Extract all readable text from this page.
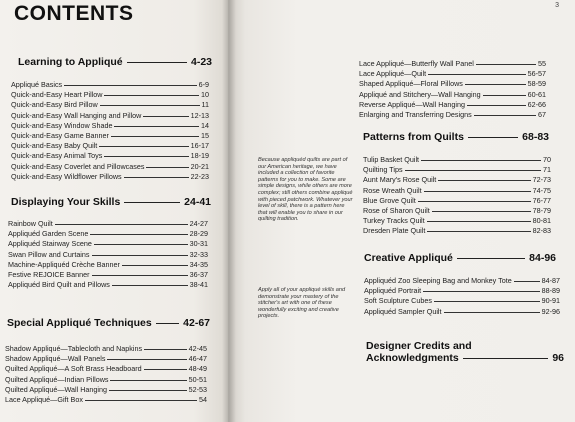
CONTENTS
Learning to Appliqué	4-23
Appliqué Basics	6-9
Quick-and-Easy Heart Pillow	10
Quick-and-Easy Bird Pillow	11
Quick-and-Easy Wall Hanging and Pillow	12-13
Quick-and-Easy Window Shade	14
Quick-and-Easy Game Banner	15
Quick-and-Easy Baby Quilt	16-17
Quick-and-Easy Animal Toys	18-19
Quick-and-Easy Coverlet and Pillowcases	20-21
Quick-and-Easy Wildflower Pillows	22-23
Displaying Your Skills	24-41
Rainbow Quilt	24-27
Appliquéd Garden Scene	28-29
Appliquéd Stairway Scene	30-31
Swan Pillow and Curtains	32-33
Machine-Appliquéd Crèche Banner	34-35
Festive REJOICE Banner	36-37
Appliquéd Bird Quilt and Pillows	38-41
Special Appliqué Techniques	42-67
Shadow Appliqué—Tablecloth and Napkins	42-45
Shadow Appliqué—Wall Panels	46-47
Quilted Appliqué—A Soft Brass Headboard	48-49
Quilted Appliqué—Indian Pillows	50-51
Quilted Appliqué—Wall Hanging	52-53
Lace Appliqué—Gift Box	54
3
Lace Appliqué—Butterfly Wall Panel	55
Lace Appliqué—Quilt	56-57
Shaped Appliqué—Floral Pillows	58-59
Appliqué and Stitchery—Wall Hanging	60-61
Reverse Appliqué—Wall Hanging	62-66
Enlarging and Transferring Designs	67
Because appliquéd quilts are part of our American heritage, we have included a collection of favorite patterns for you to make. Some are simple designs, while others are more complex; still others combine appliqué with pieced patchwork. Whatever your level of skill, there is a pattern here that will enable you to share in our quilting tradition.
Patterns from Quilts	68-83
Tulip Basket Quilt	70
Quilting Tips	71
Aunt Mary's Rose Quilt	72-73
Rose Wreath Quilt	74-75
Blue Grove Quilt	76-77
Rose of Sharon Quilt	78-79
Turkey Tracks Quilt	80-81
Dresden Plate Quilt	82-83
Apply all of your appliqué skills and demonstrate your mastery of the stitcher's art with one of these wonderfully exciting and creative projects.
Creative Appliqué	84-96
Appliquéd Zoo Sleeping Bag and Monkey Tote	84-87
Appliquéd Portrait	88-89
Soft Sculpture Cubes	90-91
Appliquéd Sampler Quilt	92-96
Designer Credits and
Acknowledgments	96
